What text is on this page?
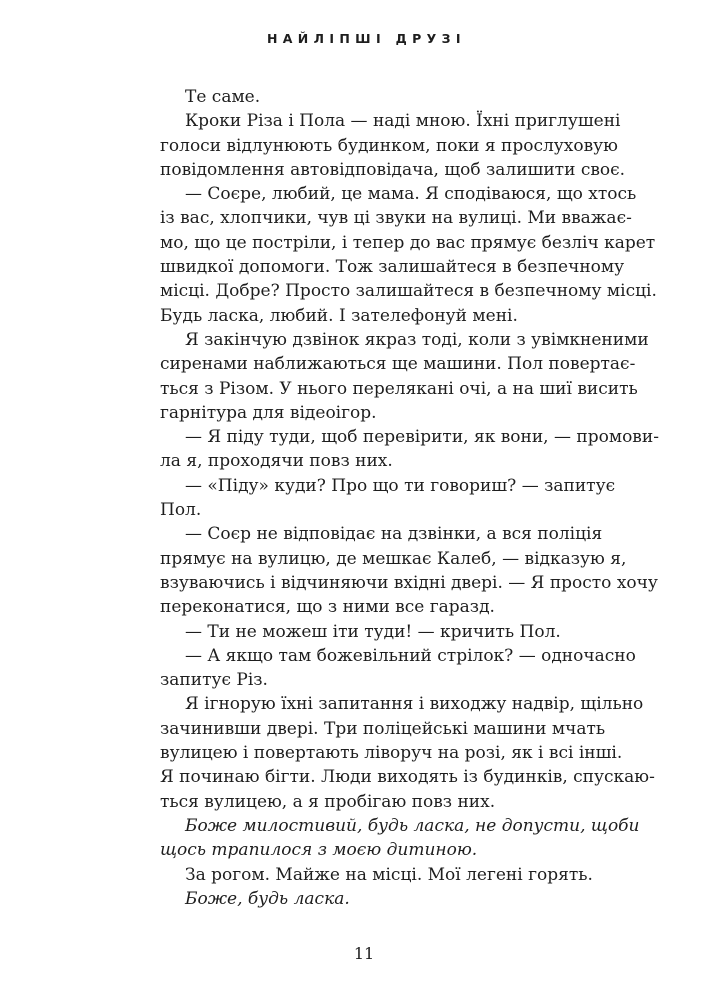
Н А Й Л І П Ш І   Д Р У З І
Те саме.
Кроки Різа і Пола — наді мною. Їхні приглушені
голоси відлунюють будинком, поки я прослуховую
повідомлення автовідповідача, щоб залишити своє.
— Соєре, любий, це мама. Я сподіваюся, що хтось
із вас, хлопчики, чув ці звуки на вулиці. Ми вважає-
мо, що це постріли, і тепер до вас прямує безліч карет
швидкої допомоги. Тож залишайтеся в безпечному
місці. Добре? Просто залишайтеся в безпечному місці.
Будь ласка, любий. І зателефонуй мені.
Я закінчую дзвінок якраз тоді, коли з увімкненими
сиренами наближаються ще машини. Пол повертає-
ться з Різом. У нього перелякані очі, а на шиї висить
гарнітура для відеоігор.
— Я піду туди, щоб перевірити, як вони, — промови-
ла я, проходячи повз них.
— «Піду» куди? Про що ти говориш? — запитує
Пол.
— Соєр не відповідає на дзвінки, а вся поліція
прямує на вулицю, де мешкає Калеб, — відказую я,
взуваючись і відчиняючи вхідні двері. — Я просто хочу
переконатися, що з ними все гаразд.
— Ти не можеш іти туди! — кричить Пол.
— А якщо там божевільний стрілок? — одночасно
запитує Різ.
Я ігнорую їхні запитання і виходжу надвір, щільно
зачинивши двері. Три поліцейські машини мчать
вулицею і повертають ліворуч на розі, як і всі інші.
Я починаю бігти. Люди виходять із будинків, спускаю-
ться вулицею, а я пробігаю повз них.
Боже милостивий, будь ласка, не допусти, щоби
щось трапилося з моєю дитиною.
За рогом. Майже на місці. Мої легені горять.
Боже, будь ласка.
11
